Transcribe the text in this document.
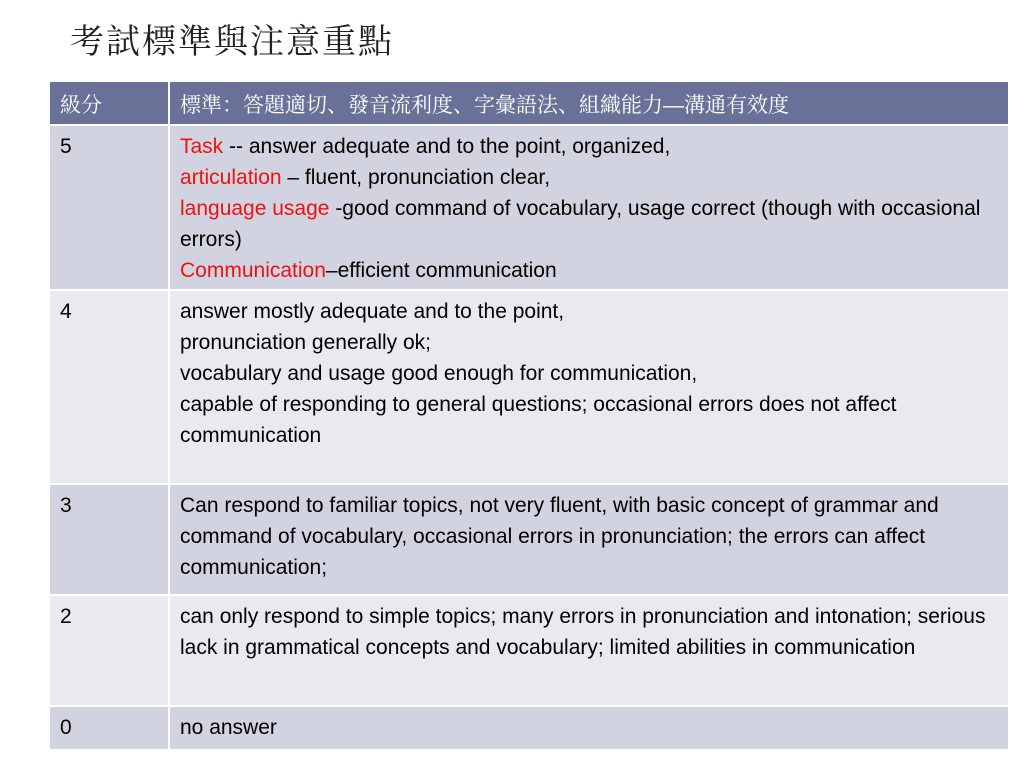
考試標準與注意重點
級分	標準：答題適切、發音流利度、字彙語法、組織能力—溝通有效度
5	Task -- answer adequate and to the point, organized,
articulation – fluent, pronunciation clear,
language usage -good command of vocabulary, usage correct (though with occasional errors)
Communication–efficient communication

4	answer mostly adequate and to the point,
pronunciation generally ok;
vocabulary and usage good enough for communication,
capable of responding to general questions; occasional errors does not affect communication

3	Can respond to familiar topics, not very fluent, with basic concept of grammar and command of vocabulary, occasional errors in pronunciation; the errors can affect communication;
2	can only respond to simple topics; many errors in pronunciation and intonation; serious lack in grammatical concepts and vocabulary; limited abilities in communication
0	no answer
